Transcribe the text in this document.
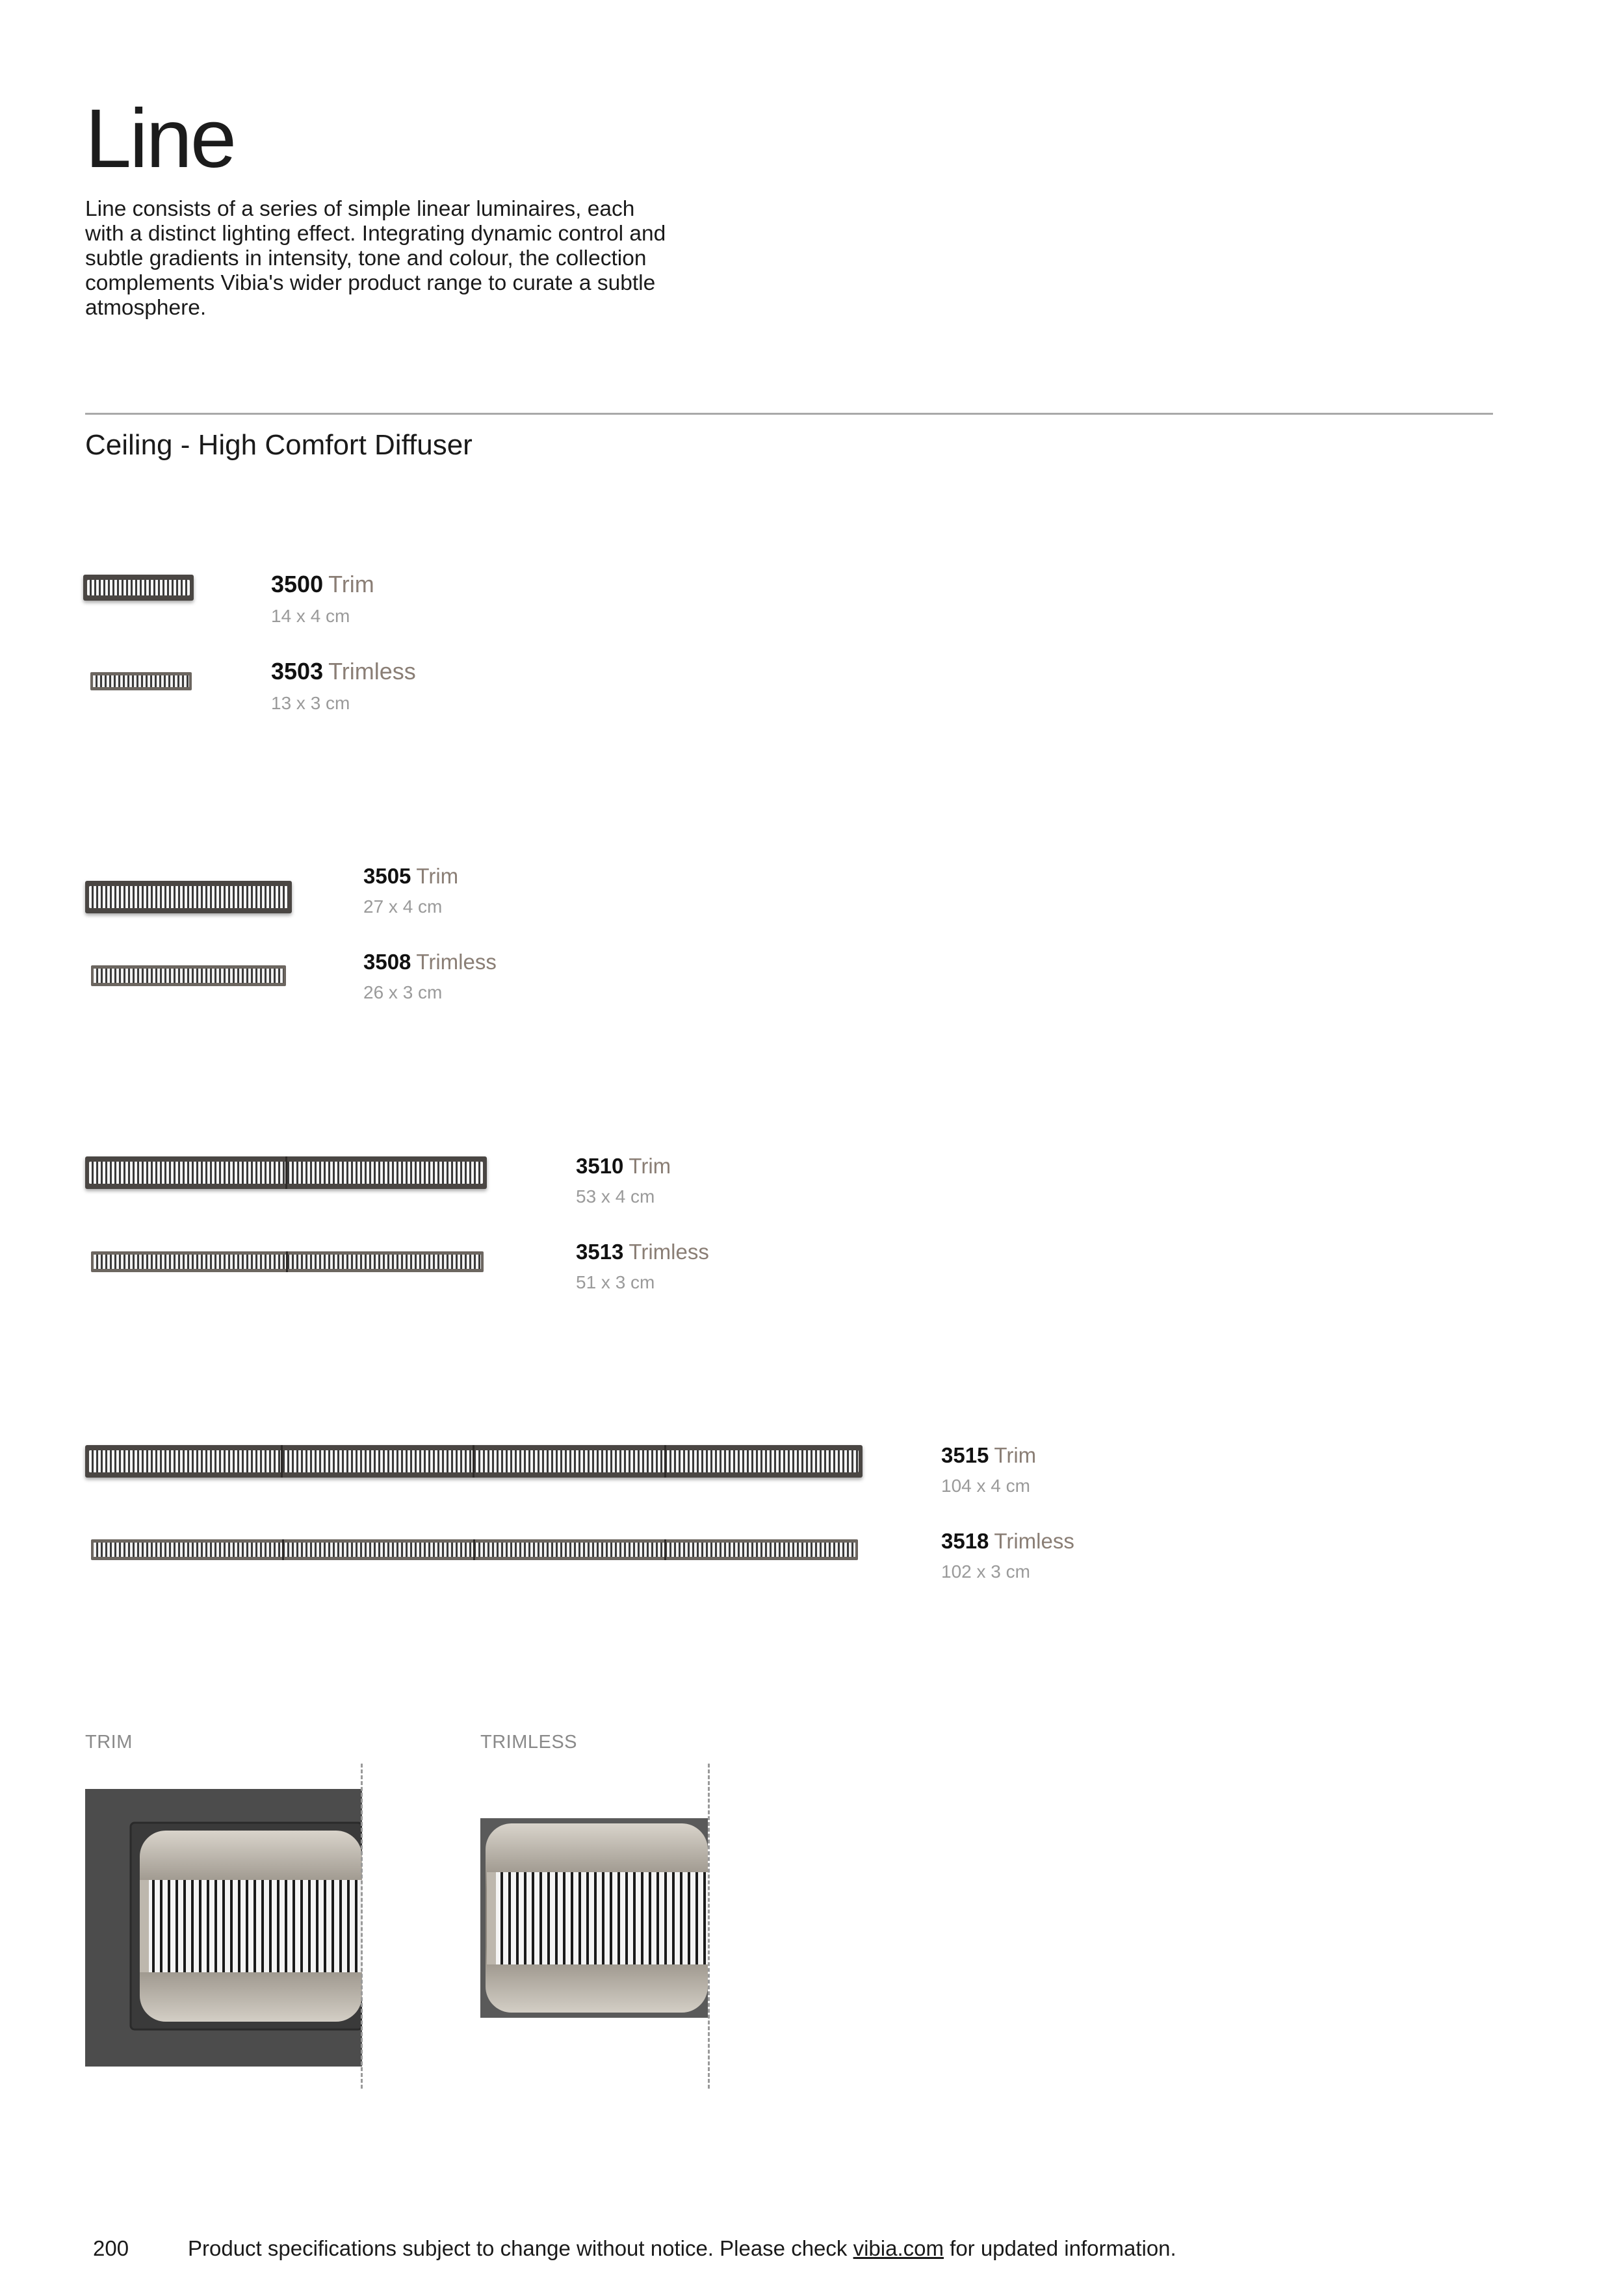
Line
Line consists of a series of simple linear luminaires, each with a distinct lighting effect. Integrating dynamic control and subtle gradients in intensity, tone and colour, the collection complements Vibia's wider product range to curate a subtle atmosphere.
Ceiling - High Comfort Diffuser
3500 Trim
14 x 4 cm
3503 Trimless
13 x 3 cm
3505 Trim
27 x 4 cm
3508 Trimless
26 x 3 cm
3510 Trim
53 x 4 cm
3513 Trimless
51 x 3 cm
3515 Trim
104 x 4 cm
3518 Trimless
102 x 3 cm
TRIM	TRIMLESS
200	Product specifications subject to change without notice. Please check vibia.com for updated information.
